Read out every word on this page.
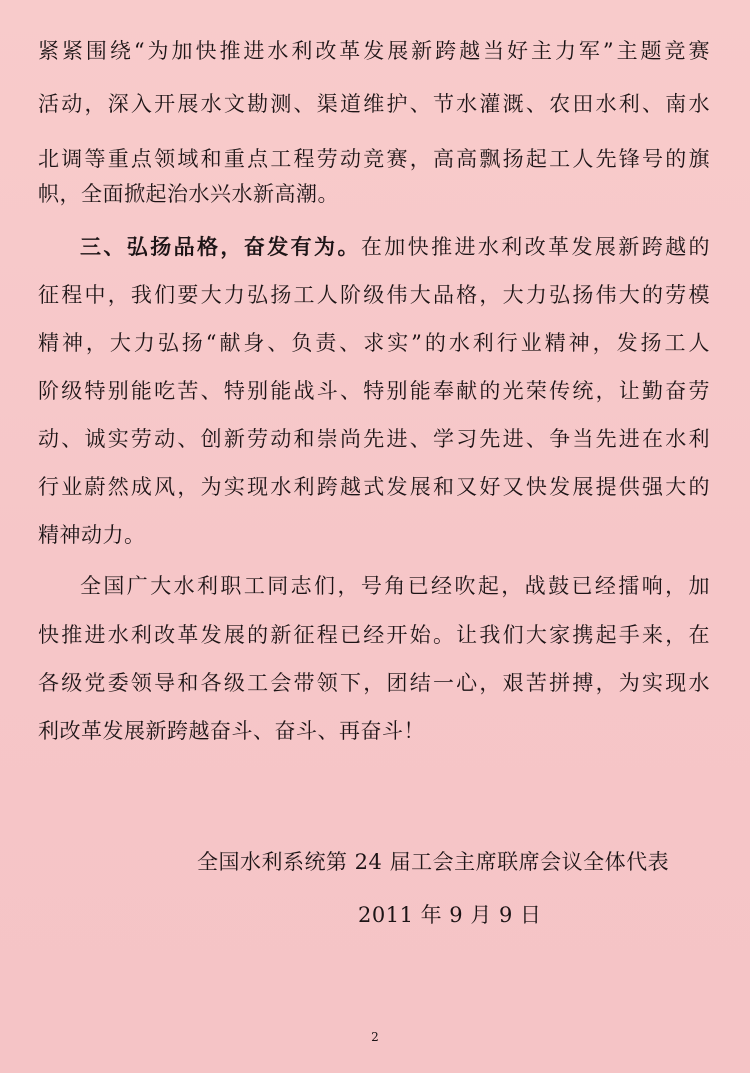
紧紧围绕“为加快推进水利改革发展新跨越当好主力军”主题竞赛

活动，深入开展水文勘测、渠道维护、节水灌溉、农田水利、南水

北调等重点领域和重点工程劳动竞赛，高高飘扬起工人先锋号的旗

帜，全面掀起治水兴水新高潮。

三、弘扬品格，奋发有为。在加快推进水利改革发展新跨越的

征程中，我们要大力弘扬工人阶级伟大品格，大力弘扬伟大的劳模

精神，大力弘扬“献身、负责、求实”的水利行业精神，发扬工人

阶级特别能吃苦、特别能战斗、特别能奉献的光荣传统，让勤奋劳

动、诚实劳动、创新劳动和崇尚先进、学习先进、争当先进在水利

行业蔚然成风，为实现水利跨越式发展和又好又快发展提供强大的

精神动力。

全国广大水利职工同志们，号角已经吹起，战鼓已经擂响，加

快推进水利改革发展的新征程已经开始。让我们大家携起手来，在

各级党委领导和各级工会带领下，团结一心，艰苦拼搏，为实现水

利改革发展新跨越奋斗、奋斗、再奋斗！

全国水利系统第 24 届工会主席联席会议全体代表
2011 年 9 月 9 日
2
